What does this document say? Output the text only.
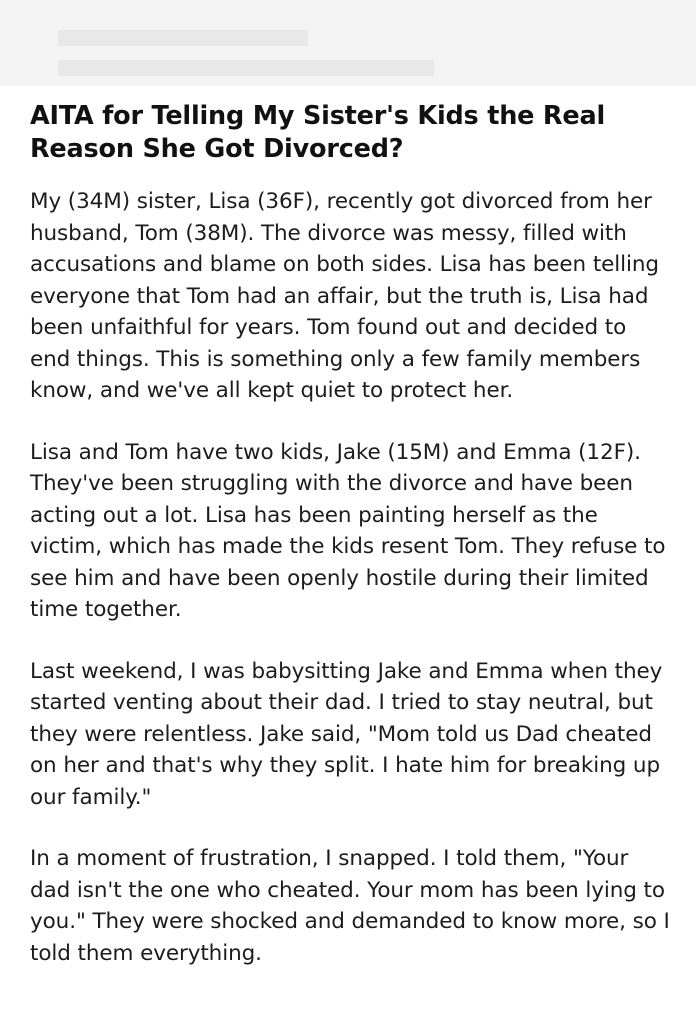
AITA for Telling My Sister's Kids the Real Reason She Got Divorced?

My (34M) sister, Lisa (36F), recently got divorced from her husband, Tom (38M). The divorce was messy, filled with accusations and blame on both sides. Lisa has been telling everyone that Tom had an affair, but the truth is, Lisa had been unfaithful for years. Tom found out and decided to end things. This is something only a few family members know, and we've all kept quiet to protect her.

Lisa and Tom have two kids, Jake (15M) and Emma (12F). They've been struggling with the divorce and have been acting out a lot. Lisa has been painting herself as the victim, which has made the kids resent Tom. They refuse to see him and have been openly hostile during their limited time together.

Last weekend, I was babysitting Jake and Emma when they started venting about their dad. I tried to stay neutral, but they were relentless. Jake said, "Mom told us Dad cheated on her and that's why they split. I hate him for breaking up our family."

In a moment of frustration, I snapped. I told them, "Your dad isn't the one who cheated. Your mom has been lying to you." They were shocked and demanded to know more, so I told them everything.
